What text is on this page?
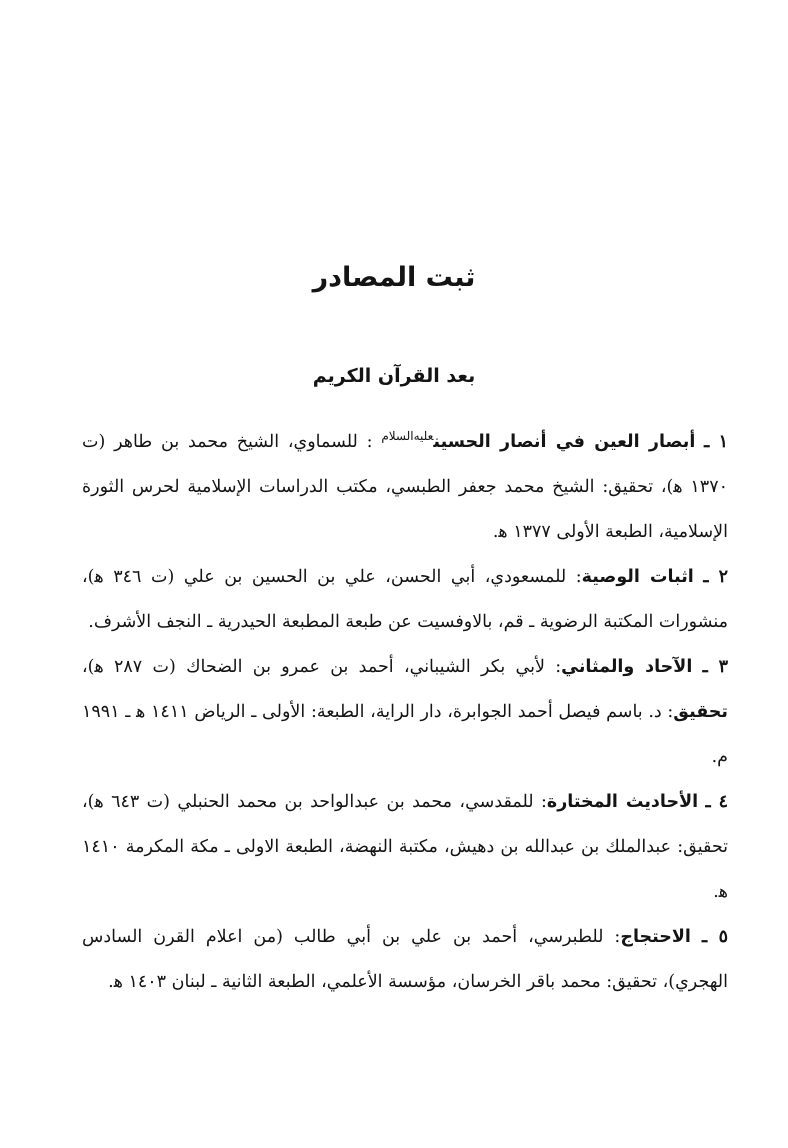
ثبت المصادر
بعد القرآن الكريم

١ ـ أبصار العين في أنصار الحسين$^{عليه‌السلام}$ : للسماوي، الشيخ محمد بن طاهر (ت ١٣٧٠ ﻫ)، تحقيق: الشيخ محمد جعفر الطبسي، مكتب الدراسات الإسلامية لحرس الثورة الإسلامية، الطبعة الأولى ١٣٧٧ ﻫ.

٢ ـ اثبات الوصية: للمسعودي، أبي الحسن، علي بن الحسين بن علي (ت ٣٤٦ ﻫ)، منشورات المكتبة الرضوية ـ قم، بالاوفسيت عن طبعة المطبعة الحيدرية ـ النجف الأشرف.

٣ ـ الآحاد والمثاني: لأبي بكر الشيباني، أحمد بن عمرو بن الضحاك (ت ٢٨٧ ﻫ)، تحقيق: د. باسم فيصل أحمد الجوابرة، دار الراية، الطبعة: الأولى ـ الرياض ١٤١١ ﻫ ـ ١٩٩١ م.

٤ ـ الأحاديث المختارة: للمقدسي، محمد بن عبدالواحد بن محمد الحنبلي (ت ٦٤٣ ﻫ)، تحقيق: عبدالملك بن عبدالله بن دهيش، مكتبة النهضة، الطبعة الاولى ـ مكة المكرمة ١٤١٠ ﻫ.

٥ ـ الاحتجاج: للطبرسي، أحمد بن علي بن أبي طالب (من اعلام القرن السادس الهجري)، تحقيق: محمد باقر الخرسان، مؤسسة الأعلمي، الطبعة الثانية ـ لبنان ١٤٠٣ ﻫ.
